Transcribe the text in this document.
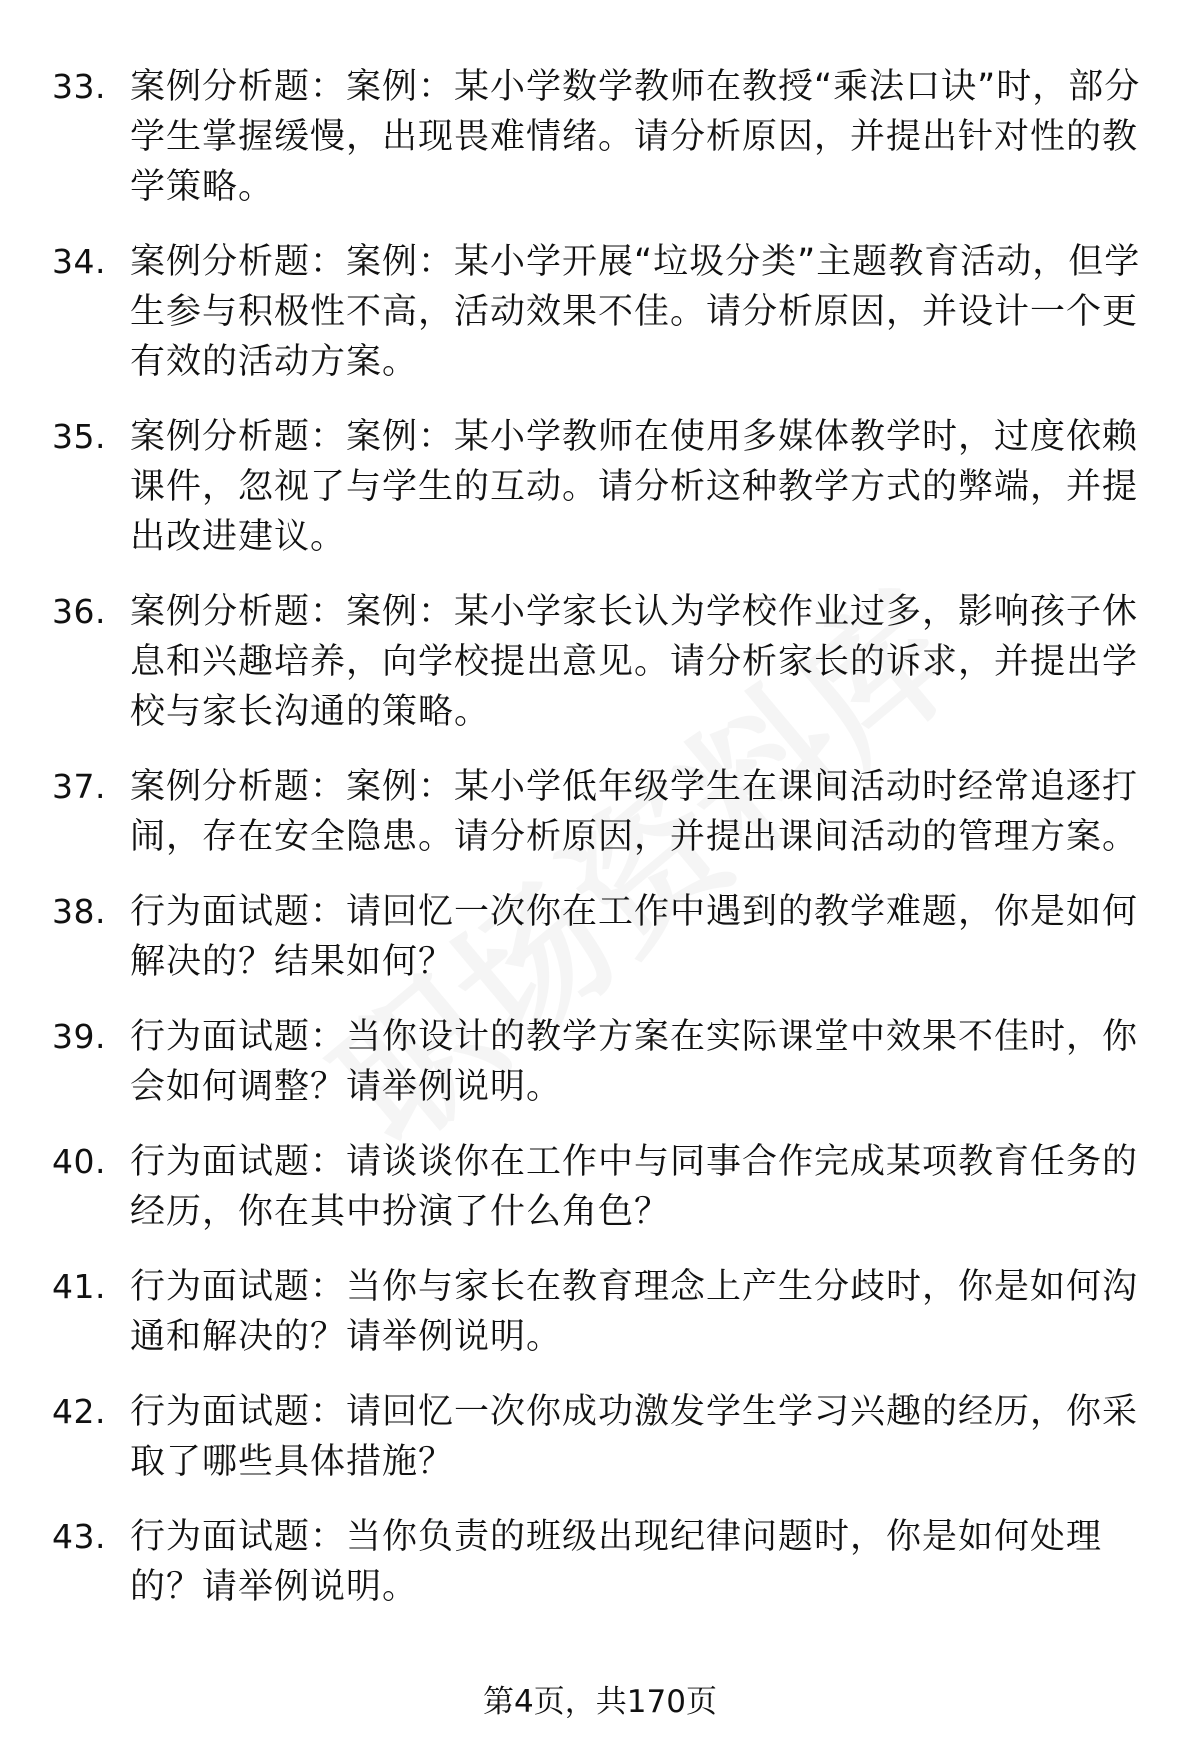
33. 案例分析题：案例：某小学数学教师在教授“乘法口诀”时，部分学生掌握缓慢，出现畏难情绪。请分析原因，并提出针对性的教学策略。
34. 案例分析题：案例：某小学开展“垃圾分类”主题教育活动，但学生参与积极性不高，活动效果不佳。请分析原因，并设计一个更有效的活动方案。
35. 案例分析题：案例：某小学教师在使用多媒体教学时，过度依赖课件，忽视了与学生的互动。请分析这种教学方式的弊端，并提出改进建议。
36. 案例分析题：案例：某小学家长认为学校作业过多，影响孩子休息和兴趣培养，向学校提出意见。请分析家长的诉求，并提出学校与家长沟通的策略。
37. 案例分析题：案例：某小学低年级学生在课间活动时经常追逐打闹，存在安全隐患。请分析原因，并提出课间活动的管理方案。
38. 行为面试题：请回忆一次你在工作中遇到的教学难题，你是如何解决的？结果如何？
39. 行为面试题：当你设计的教学方案在实际课堂中效果不佳时，你会如何调整？请举例说明。
40. 行为面试题：请谈谈你在工作中与同事合作完成某项教育任务的经历，你在其中扮演了什么角色？
41. 行为面试题：当你与家长在教育理念上产生分歧时，你是如何沟通和解决的？请举例说明。
42. 行为面试题：请回忆一次你成功激发学生学习兴趣的经历，你采取了哪些具体措施？
43. 行为面试题：当你负责的班级出现纪律问题时，你是如何处理的？请举例说明。
第4页，共170页
